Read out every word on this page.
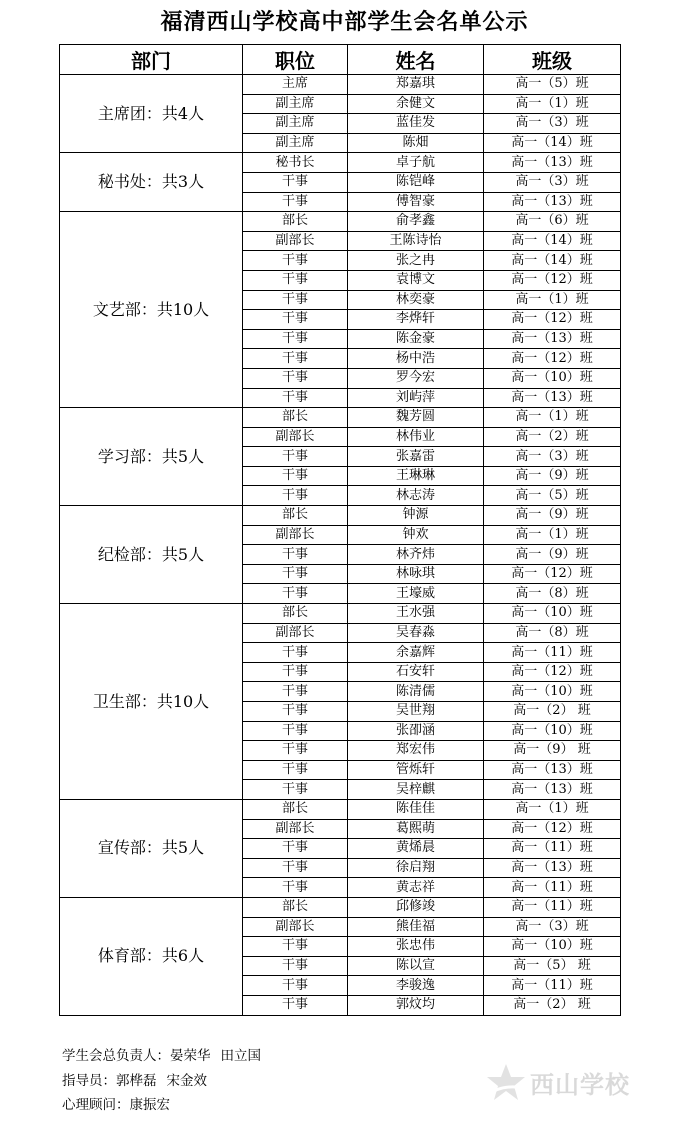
福清西山学校高中部学生会名单公示
部门	职位	姓名	班级
主席团：共4人	主席	郑嘉琪	高一（5）班
	副主席	余健文	高一（1）班
	副主席	蓝佳发	高一（3）班
	副主席	陈畑	高一（14）班
秘书处：共3人	秘书长	卓子航	高一（13）班
	干事	陈铠峰	高一（3）班
	干事	傅智豪	高一（13）班
文艺部：共10人	部长	俞孝鑫	高一（6）班
	副部长	王陈诗怡	高一（14）班
	干事	张之冉	高一（14）班
	干事	袁博文	高一（12）班
	干事	林奕豪	高一（1）班
	干事	李烨轩	高一（12）班
	干事	陈金豪	高一（13）班
	干事	杨中浩	高一（12）班
	干事	罗今宏	高一（10）班
	干事	刘屿萍	高一（13）班
学习部：共5人	部长	魏芳圆	高一（1）班
	副部长	林伟业	高一（2）班
	干事	张嘉雷	高一（3）班
	干事	王琳琳	高一（9）班
	干事	林志涛	高一（5）班
纪检部：共5人	部长	钟源	高一（9）班
	副部长	钟欢	高一（1）班
	干事	林齐炜	高一（9）班
	干事	林咏琪	高一（12）班
	干事	王壕威	高一（8）班
卫生部：共10人	部长	王水强	高一（10）班
	副部长	吴春淼	高一（8）班
	干事	余嘉辉	高一（11）班
	干事	石安轩	高一（12）班
	干事	陈清儒	高一（10）班
	干事	吴世翔	高一（2） 班
	干事	张卲涵	高一（10）班
	干事	郑宏伟	高一（9） 班
	干事	管烁轩	高一（13）班
	干事	吴梓麒	高一（13）班
宣传部：共5人	部长	陈佳佳	高一（1）班
	副部长	葛熙萌	高一（12）班
	干事	黄烯晨	高一（11）班
	干事	徐启翔	高一（13）班
	干事	黄志祥	高一（11）班
体育部：共6人	部长	邱修竣	高一（11）班
	副部长	熊佳福	高一（3）班
	干事	张忠伟	高一（10）班
	干事	陈以宣	高一（5） 班
	干事	李骏逸	高一（11）班
	干事	郭炆均	高一（2） 班
学生会总负责人：晏荣华 田立国
指导员：郭桦磊 宋金效
心理顾问：康振宏
西山学校
